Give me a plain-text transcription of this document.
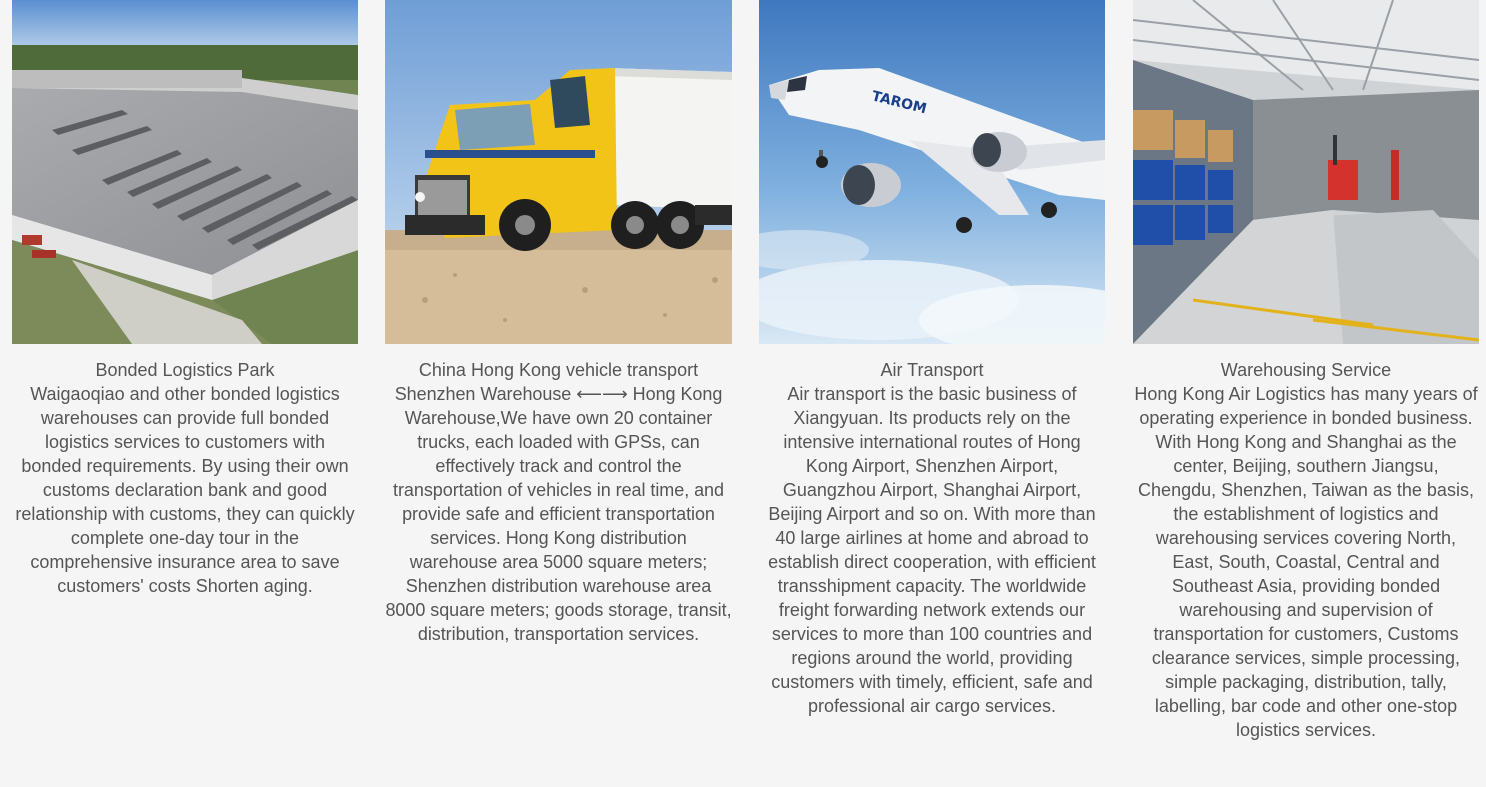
Bonded Logistics Park
Waigaoqiao and other bonded logistics warehouses can provide full bonded logistics services to customers with bonded requirements. By using their own customs declaration bank and good relationship with customs, they can quickly complete one-day tour in the comprehensive insurance area to save customers' costs Shorten aging.
China Hong Kong vehicle transport
Shenzhen Warehouse ⟵⟶ Hong Kong Warehouse,We have own 20 container trucks, each loaded with GPSs, can effectively track and control the transportation of vehicles in real time, and provide safe and efficient transportation services. Hong Kong distribution warehouse area 5000 square meters; Shenzhen distribution warehouse area 8000 square meters; goods storage, transit, distribution, transportation services.
TAROM
Air Transport
Air transport is the basic business of Xiangyuan. Its products rely on the intensive international routes of Hong Kong Airport, Shenzhen Airport, Guangzhou Airport, Shanghai Airport, Beijing Airport and so on. With more than 40 large airlines at home and abroad to establish direct cooperation, with efficient transshipment capacity. The worldwide freight forwarding network extends our services to more than 100 countries and regions around the world, providing customers with timely, efficient, safe and professional air cargo services.
Warehousing Service
Hong Kong Air Logistics has many years of operating experience in bonded business. With Hong Kong and Shanghai as the center, Beijing, southern Jiangsu, Chengdu, Shenzhen, Taiwan as the basis, the establishment of logistics and warehousing services covering North, East, South, Coastal, Central and Southeast Asia, providing bonded warehousing and supervision of transportation for customers, Customs clearance services, simple processing, simple packaging, distribution, tally, labelling, bar code and other one-stop logistics services.
